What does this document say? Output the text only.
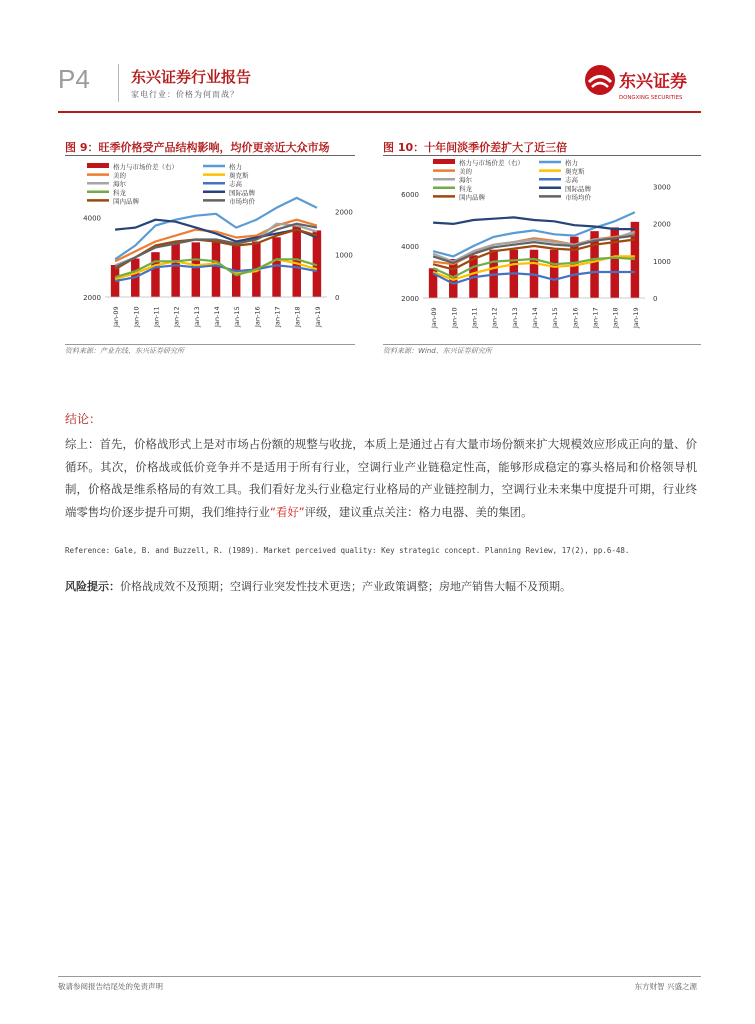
P4	东兴证券行业报告
家电行业：价格为何而战？
东兴证券
DONGXING SECURITIES
图 9：旺季价格受产品结构影响，均价更亲近大众市场
格力与市场价差（右）	格力
美的	奥克斯
海尔	志高
科龙	国际品牌
国内品牌	市场均价
2000
4000
0
1000
2000
Jan-09 Jan-10 Jan-11 Jan-12 Jan-13 Jan-14 Jan-15 Jan-16 Jan-17 Jan-18 Jan-19
资料来源：产业在线、东兴证券研究所
图 10：十年间淡季价差扩大了近三倍
格力与市场价差（右）	格力
美的	奥克斯
海尔	志高
科龙	国际品牌
国内品牌	市场均价
2000
4000
6000
0
1000
2000
3000
Jan-09 Jan-10 Jan-11 Jan-12 Jan-13 Jan-14 Jan-15 Jan-16 Jan-17 Jan-18 Jan-19
资料来源：Wind、东兴证券研究所
结论：
综上：首先，价格战形式上是对市场占份额的规整与收拢，本质上是通过占有大量市场份额来扩大规模效应形成正向的量、价循环。其次，价格战或低价竞争并不是适用于所有行业，空调行业产业链稳定性高，能够形成稳定的寡头格局和价格领导机制，价格战是维系格局的有效工具。我们看好龙头行业稳定行业格局的产业链控制力，空调行业未来集中度提升可期，行业终端零售均价逐步提升可期，我们维持行业“看好”评级，建议重点关注：格力电器、美的集团。
Reference: Gale, B. and Buzzell, R. (1989). Market perceived quality: Key strategic concept. Planning Review, 17(2), pp.6-48.
风险提示：价格战成效不及预期；空调行业突发性技术更迭；产业政策调整；房地产销售大幅不及预期。
敬请参阅报告结尾处的免责声明	东方财智 兴盛之源
